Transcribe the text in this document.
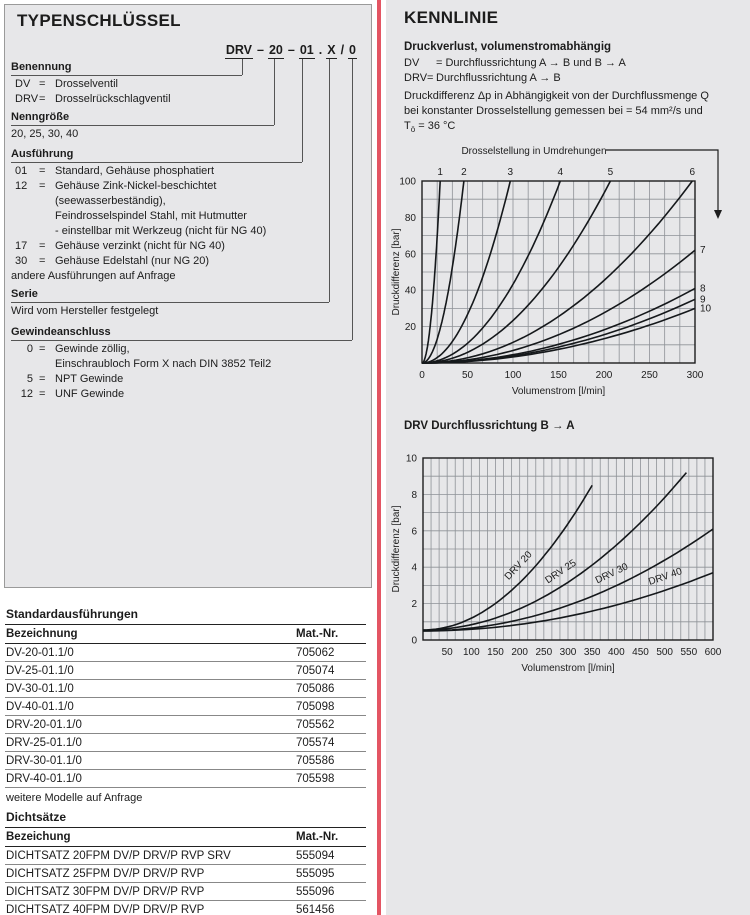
TYPENSCHLÜSSEL
DRV – 20 – 01 . X / 0
Benennung
DV = Drosselventil
DRV = Drosselrückschlagventil
Nenngröße
20, 25, 30, 40
Ausführung
01	= Standard, Gehäuse phosphatiert
12	= Gehäuse Zink-Nickel-beschichtet
(seewasserbeständig),
Feindrosselspindel Stahl, mit Hutmutter
- einstellbar mit Werkzeug (nicht für NG 40)
17	= Gehäuse verzinkt (nicht für NG 40)
30	= Gehäuse Edelstahl (nur NG 20)
andere Ausführungen auf Anfrage
Serie
Wird vom Hersteller festgelegt
Gewindeanschluss
0 = Gewinde zöllig,
Einschraubloch Form X nach DIN 3852 Teil2
5 = NPT Gewinde
12 = UNF Gewinde
Standardausführungen
Bezeichnung	Mat.-Nr.
DV-20-01.1/0	705062
DV-25-01.1/0	705074
DV-30-01.1/0	705086
DV-40-01.1/0	705098
DRV-20-01.1/0	705562
DRV-25-01.1/0	705574
DRV-30-01.1/0	705586
DRV-40-01.1/0	705598
weitere Modelle auf Anfrage
Dichtsätze
Bezeichung	Mat.-Nr.
DICHTSATZ 20FPM DV/P DRV/P RVP SRV	555094
DICHTSATZ 25FPM DV/P DRV/P RVP	555095
DICHTSATZ 30FPM DV/P DRV/P RVP	555096
DICHTSATZ 40FPM DV/P DRV/P RVP	561456
KENNLINIE
Druckverlust, volumenstromabhängig
DV	= Durchflussrichtung A → B und B → A
DRV= Durchflussrichtung A → B
Druckdifferenz Δp in Abhängigkeit von der Durchflussmenge Q
bei konstanter Drosselstellung gemessen bei = 54 mm²/s und
$T_ö = 36$ °C
Drosselstellung in Umdrehungen
0	50	100	150	200	250	300
20
40
60
80
100
Volumenstrom [l/min]
Druckdifferenz [bar]
1 2	3	4	5	6
7
8
9
10
DRV Durchflussrichtung B → A
50 100 150 200 250 300 350 400 450 500 550 600
0
2
4
6
8
10
Volumenstrom [l/min]
Druckdifferenz [bar]	DRV 20 DRV 25 DRV 30 DRV 40
